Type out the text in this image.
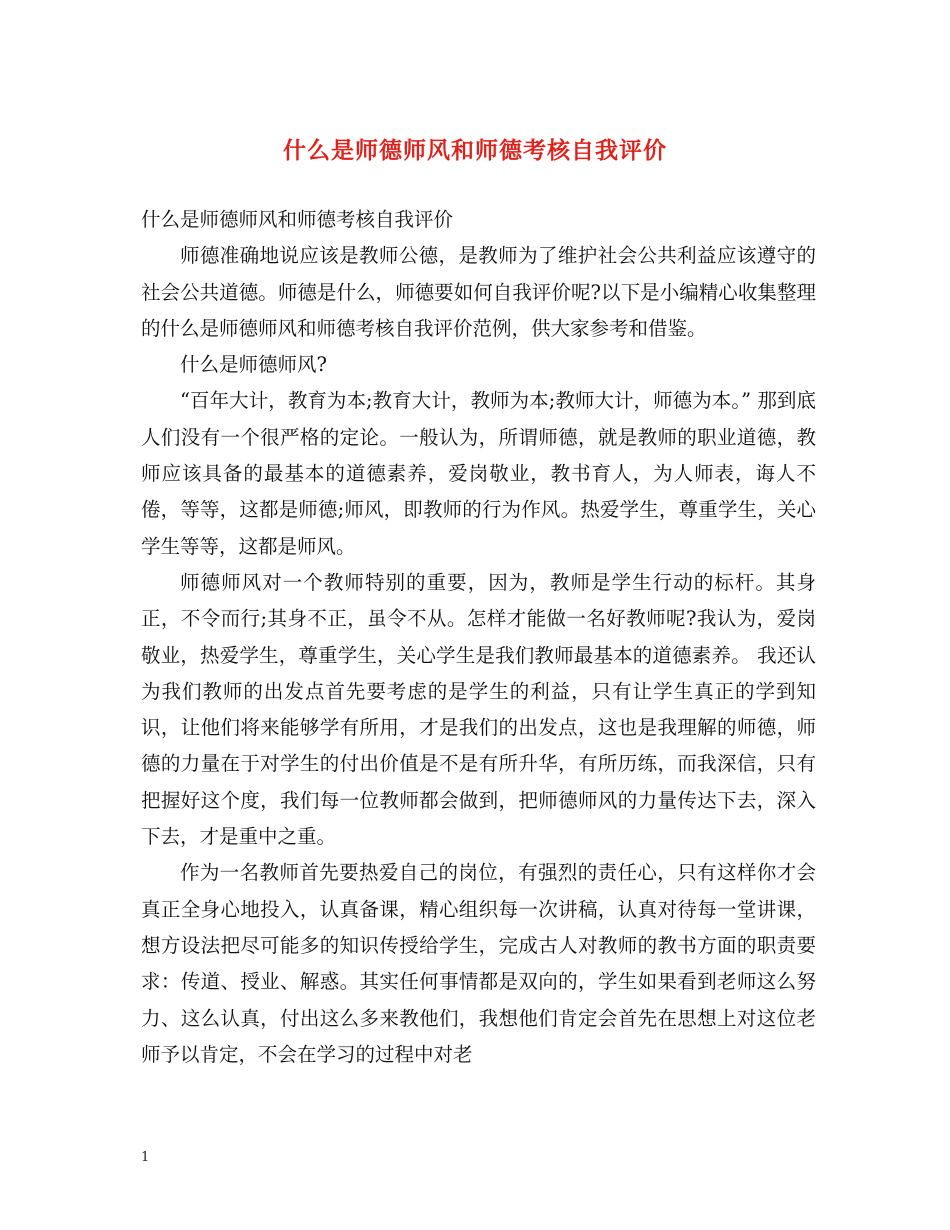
什么是师德师风和师德考核自我评价

什么是师德师风和师德考核自我评价

师德准确地说应该是教师公德，是教师为了维护社会公共利益应该遵守的社会公共道德。师德是什么，师德要如何自我评价呢?以下是小编精心收集整理的什么是师德师风和师德考核自我评价范例，供大家参考和借鉴。

什么是师德师风?

“百年大计，教育为本;教育大计，教师为本;教师大计，师德为本。” 那到底人们没有一个很严格的定论。一般认为，所谓师德，就是教师的职业道德，教师应该具备的最基本的道德素养，爱岗敬业，教书育人，为人师表，诲人不倦，等等，这都是师德;师风，即教师的行为作风。热爱学生，尊重学生，关心学生等等，这都是师风。

师德师风对一个教师特别的重要，因为，教师是学生行动的标杆。其身正，不令而行;其身不正，虽令不从。怎样才能做一名好教师呢?我认为，爱岗敬业，热爱学生，尊重学生，关心学生是我们教师最基本的道德素养。 我还认为我们教师的出发点首先要考虑的是学生的利益，只有让学生真正的学到知识，让他们将来能够学有所用，才是我们的出发点，这也是我理解的师德，师德的力量在于对学生的付出价值是不是有所升华，有所历练，而我深信，只有把握好这个度，我们每一位教师都会做到，把师德师风的力量传达下去，深入下去，才是重中之重。

作为一名教师首先要热爱自己的岗位，有强烈的责任心，只有这样你才会真正全身心地投入，认真备课，精心组织每一次讲稿，认真对待每一堂讲课，想方设法把尽可能多的知识传授给学生，完成古人对教师的教书方面的职责要求：传道、授业、解惑。其实任何事情都是双向的，学生如果看到老师这么努力、这么认真，付出这么多来教他们，我想他们肯定会首先在思想上对这位老师予以肯定，不会在学习的过程中对老

1
